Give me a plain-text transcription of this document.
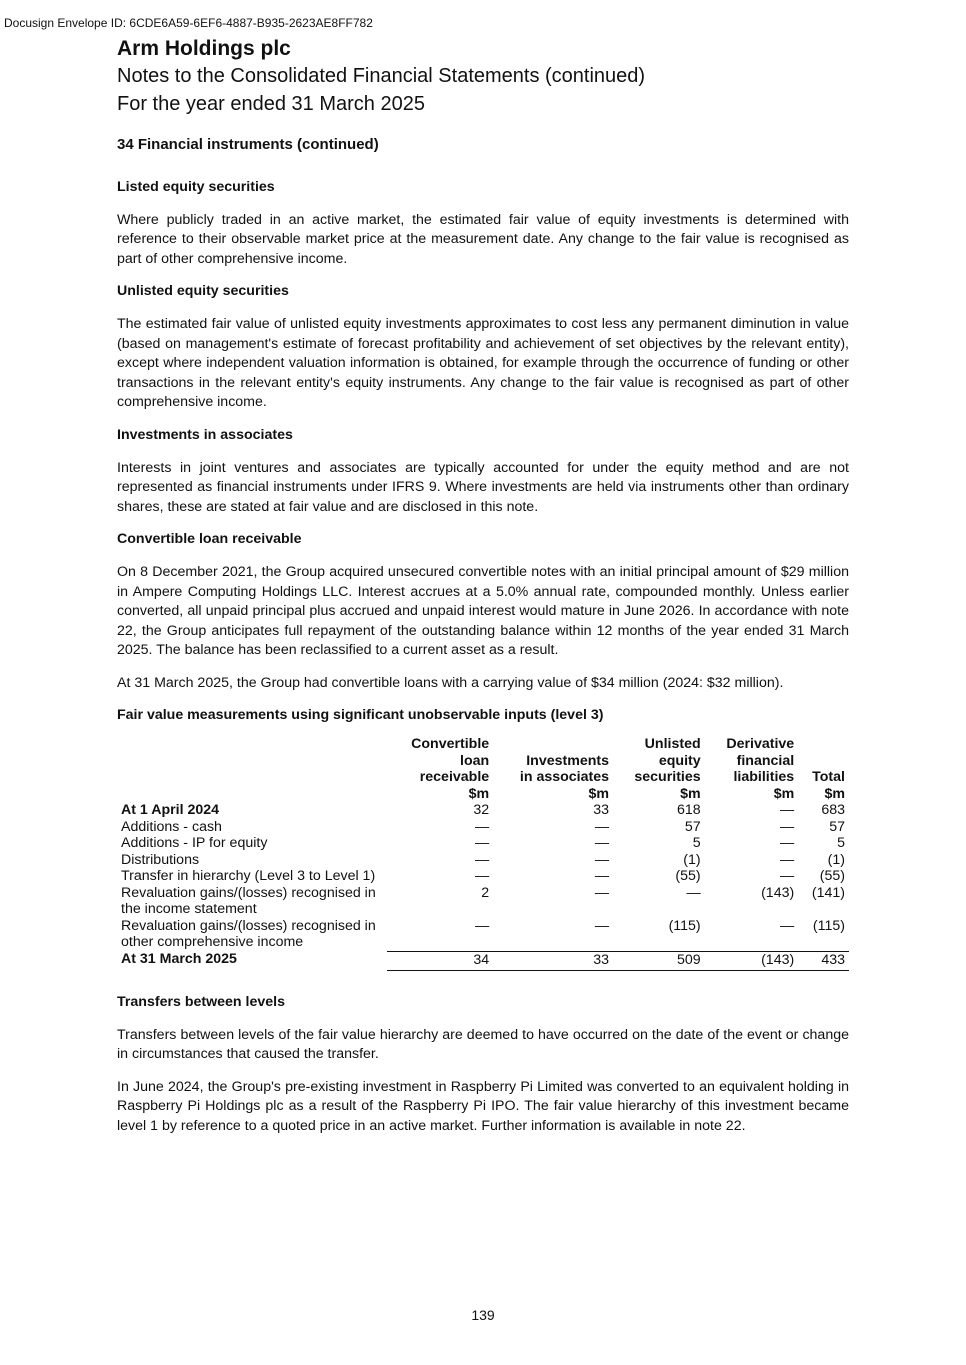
Docusign Envelope ID: 6CDE6A59-6EF6-4887-B935-2623AE8FF782
Arm Holdings plc
Notes to the Consolidated Financial Statements (continued)
For the year ended 31 March 2025
34 Financial instruments (continued)
Listed equity securities
Where publicly traded in an active market, the estimated fair value of equity investments is determined with reference to their observable market price at the measurement date. Any change to the fair value is recognised as part of other comprehensive income.
Unlisted equity securities
The estimated fair value of unlisted equity investments approximates to cost less any permanent diminution in value (based on management's estimate of forecast profitability and achievement of set objectives by the relevant entity), except where independent valuation information is obtained, for example through the occurrence of funding or other transactions in the relevant entity's equity instruments. Any change to the fair value is recognised as part of other comprehensive income.
Investments in associates
Interests in joint ventures and associates are typically accounted for under the equity method and are not represented as financial instruments under IFRS 9. Where investments are held via instruments other than ordinary shares, these are stated at fair value and are disclosed in this note.
Convertible loan receivable
On 8 December 2021, the Group acquired unsecured convertible notes with an initial principal amount of $29 million in Ampere Computing Holdings LLC. Interest accrues at a 5.0% annual rate, compounded monthly. Unless earlier converted, all unpaid principal plus accrued and unpaid interest would mature in June 2026. In accordance with note 22, the Group anticipates full repayment of the outstanding balance within 12 months of the year ended 31 March 2025. The balance has been reclassified to a current asset as a result.
At 31 March 2025, the Group had convertible loans with a carrying value of $34 million (2024: $32 million).
Fair value measurements using significant unobservable inputs (level 3)
	Convertible
loan
receivable	Investments
in associates	Unlisted
equity
securities	Derivative
financial
liabilities	Total
	$m	$m	$m	$m	$m
At 1 April 2024	32	33	618	—	683
Additions - cash	—	—	57	—	57
Additions - IP for equity	—	—	5	—	5
Distributions	—	—	(1)	—	(1)
Transfer in hierarchy (Level 3 to Level 1)	—	—	(55)	—	(55)
Revaluation gains/(losses) recognised in the income statement	2	—	—	(143)	(141)
Revaluation gains/(losses) recognised in other comprehensive income	—	—	(115)	—	(115)
At 31 March 2025	34	33	509	(143)	433
Transfers between levels
Transfers between levels of the fair value hierarchy are deemed to have occurred on the date of the event or change in circumstances that caused the transfer.
In June 2024, the Group's pre-existing investment in Raspberry Pi Limited was converted to an equivalent holding in Raspberry Pi Holdings plc as a result of the Raspberry Pi IPO. The fair value hierarchy of this investment became level 1 by reference to a quoted price in an active market. Further information is available in note 22.
139
